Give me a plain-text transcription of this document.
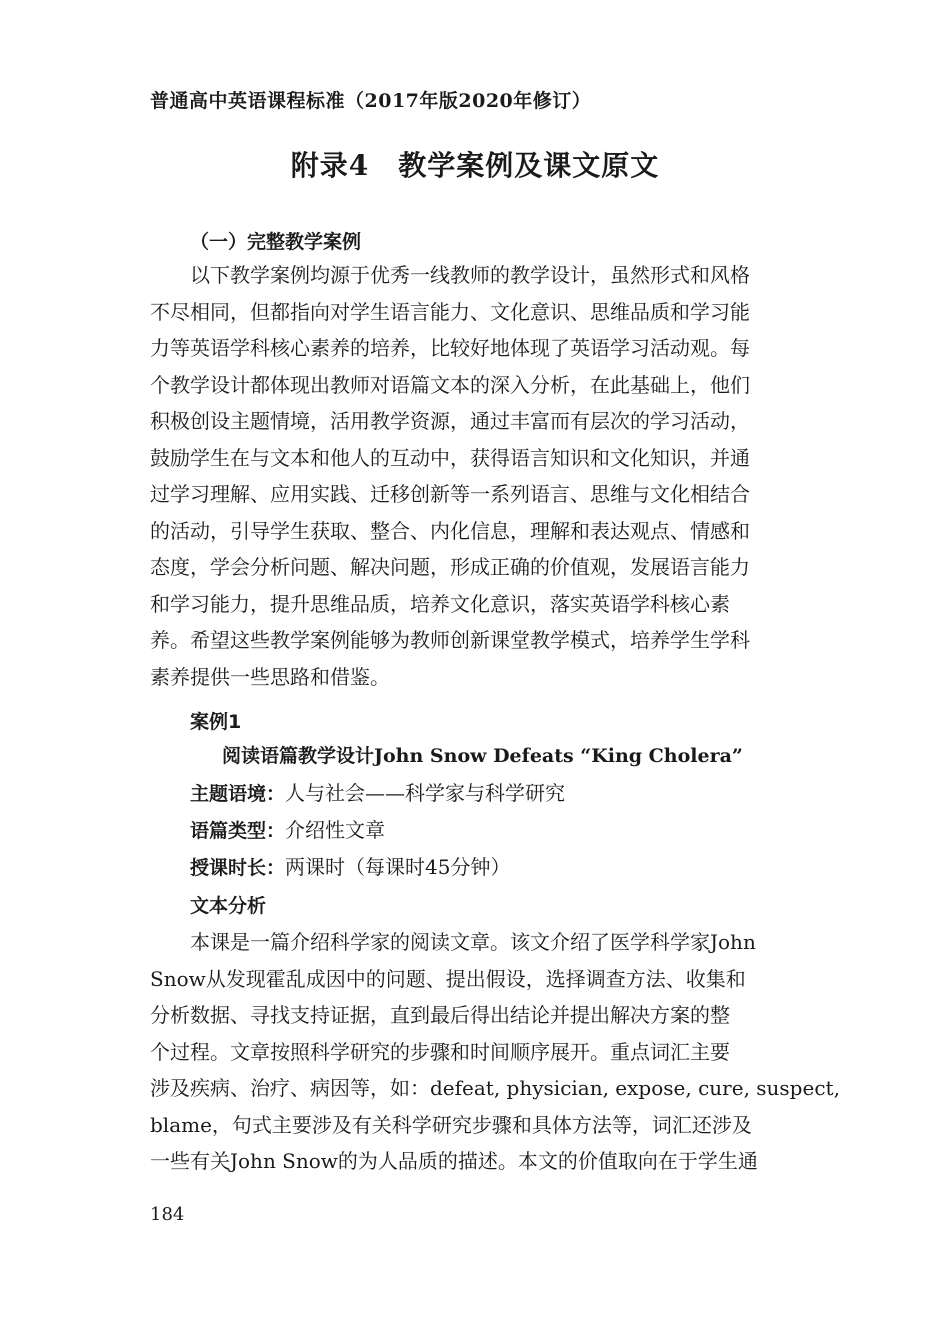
普通高中英语课程标准（2017年版2020年修订）
附录4　教学案例及课文原文
（一）完整教学案例
以下教学案例均源于优秀一线教师的教学设计，虽然形式和风格
不尽相同，但都指向对学生语言能力、文化意识、思维品质和学习能
力等英语学科核心素养的培养，比较好地体现了英语学习活动观。每
个教学设计都体现出教师对语篇文本的深入分析，在此基础上，他们
积极创设主题情境，活用教学资源，通过丰富而有层次的学习活动，
鼓励学生在与文本和他人的互动中，获得语言知识和文化知识，并通
过学习理解、应用实践、迁移创新等一系列语言、思维与文化相结合
的活动，引导学生获取、整合、内化信息，理解和表达观点、情感和
态度，学会分析问题、解决问题，形成正确的价值观，发展语言能力
和学习能力，提升思维品质，培养文化意识，落实英语学科核心素
养。希望这些教学案例能够为教师创新课堂教学模式，培养学生学科
素养提供一些思路和借鉴。
案例1
阅读语篇教学设计John Snow Defeats “King Cholera”
主题语境：人与社会——科学家与科学研究
语篇类型：介绍性文章
授课时长：两课时（每课时45分钟）
文本分析
本课是一篇介绍科学家的阅读文章。该文介绍了医学科学家John
Snow从发现霍乱成因中的问题、提出假设，选择调查方法、收集和
分析数据、寻找支持证据，直到最后得出结论并提出解决方案的整
个过程。文章按照科学研究的步骤和时间顺序展开。重点词汇主要
涉及疾病、治疗、病因等，如：defeat, physician, expose, cure, suspect,
blame，句式主要涉及有关科学研究步骤和具体方法等，词汇还涉及
一些有关John Snow的为人品质的描述。本文的价值取向在于学生通
184
